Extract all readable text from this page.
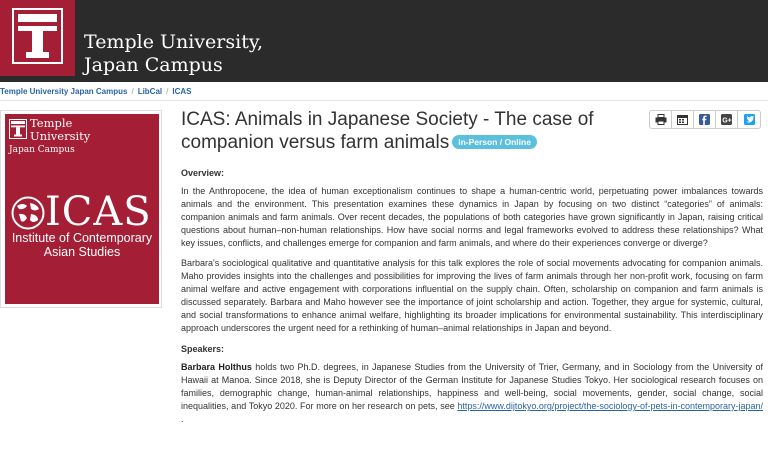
Temple University,
Japan Campus
Temple University Japan Campus / LibCal / ICAS
Temple
University
Japan Campus
ICAS
Institute of Contemporary
Asian Studies
G+
ICAS: Animals in Japanese Society - The case of companion versus farm animals In-Person / Online
Overview:

In the Anthropocene, the idea of human exceptionalism continues to shape a human-centric world, perpetuating power imbalances towards animals and the environment. This presentation examines these dynamics in Japan by focusing on two distinct “categories” of animals: companion animals and farm animals. Over recent decades, the populations of both categories have grown significantly in Japan, raising critical questions about human–non-human relationships. How have social norms and legal frameworks evolved to address these relationships? What key issues, conflicts, and challenges emerge for companion and farm animals, and where do their experiences converge or diverge?

Barbara's sociological qualitative and quantitative analysis for this talk explores the role of social movements advocating for companion animals. Maho provides insights into the challenges and possibilities for improving the lives of farm animals through her non-profit work, focusing on farm animal welfare and active engagement with corporations influential on the supply chain. Often, scholarship on companion and farm animals is discussed separately. Barbara and Maho however see the importance of joint scholarship and action. Together, they argue for systemic, cultural, and social transformations to enhance animal welfare, highlighting its broader implications for environmental sustainability. This interdisciplinary approach underscores the urgent need for a rethinking of human–animal relationships in Japan and beyond.

Speakers:

Barbara Holthus holds two Ph.D. degrees, in Japanese Studies from the University of Trier, Germany, and in Sociology from the University of Hawaii at Manoa. Since 2018, she is Deputy Director of the German Institute for Japanese Studies Tokyo. Her sociological research focuses on families, demographic change, human-animal relationships, happiness and well-being, social movements, gender, social change, social inequalities, and Tokyo 2020. For more on her research on pets, see https://www.dijtokyo.org/project/the-sociology-of-pets-in-contemporary-japan/ .
